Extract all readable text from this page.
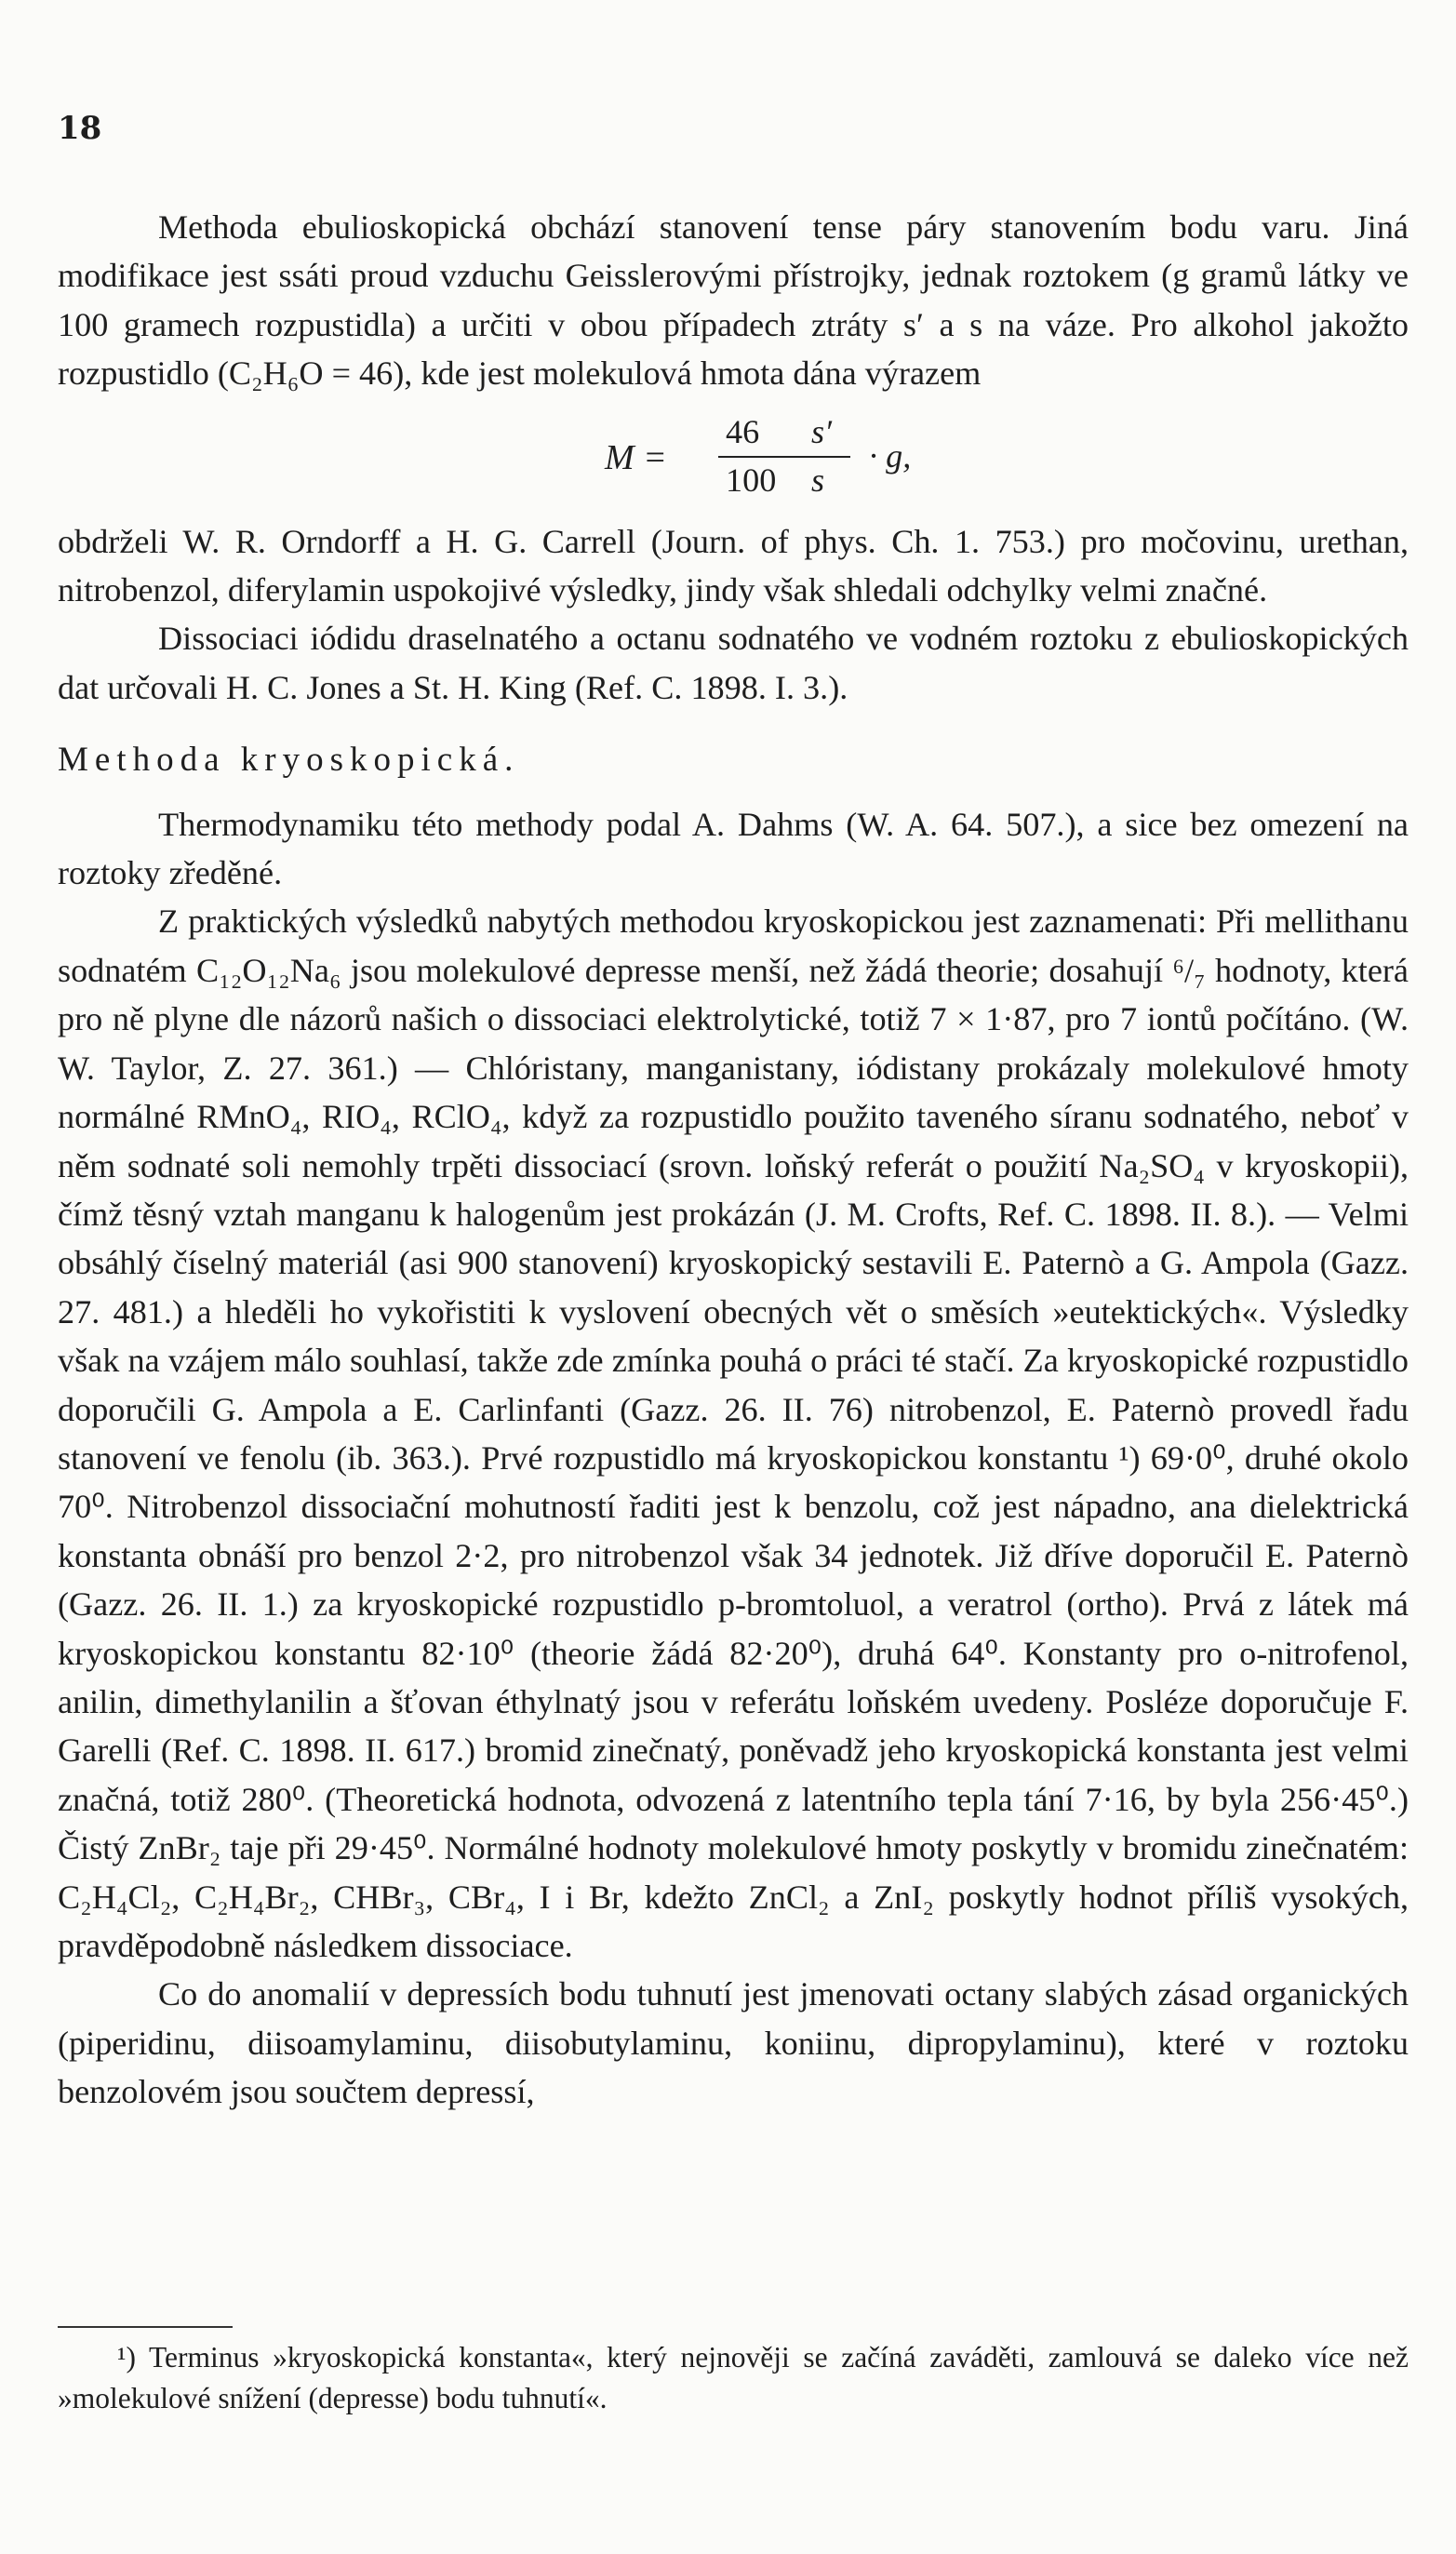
18

Methoda ebulioskopická obchází stanovení tense páry stanovením bodu varu. Jiná modifikace jest ssáti proud vzduchu Geisslerovými přístrojky, jednak roztokem (g gramů látky ve 100 gramech rozpustidla) a určiti v obou případech ztráty s′ a s na váze. Pro alkohol jakožto rozpustidlo (C₂H₆O = 46), kde jest molekulová hmota dána výrazem

M =
46 s′
100 s
· g,

obdrželi W. R. Orndorff a H. G. Carrell (Journ. of phys. Ch. 1. 753.) pro močovinu, urethan, nitrobenzol, diferylamin uspokojivé výsledky, jindy však shledali odchylky velmi značné.

Dissociaci iódidu draselnatého a octanu sodnatého ve vodném roztoku z ebulioskopických dat určovali H. C. Jones a St. H. King (Ref. C. 1898. I. 3.).

Methoda kryoskopická.

Thermodynamiku této methody podal A. Dahms (W. A. 64. 507.), a sice bez omezení na roztoky zředěné.

Z praktických výsledků nabytých methodou kryoskopickou jest zaznamenati: Při mellithanu sodnatém C₁₂O₁₂Na₆ jsou molekulové depresse menší, než žádá theorie; dosahují ⁶/₇ hodnoty, která pro ně plyne dle názorů našich o dissociaci elektrolytické, totiž 7 × 1·87, pro 7 iontů počítáno. (W. W. Taylor, Z. 27. 361.) — Chlóristany, manganistany, iódistany prokázaly molekulové hmoty normálné RMnO₄, RIO₄, RClO₄, když za rozpustidlo použito taveného síranu sodnatého, neboť v něm sodnaté soli nemohly trpěti dissociací (srovn. loňský referát o použití Na₂SO₄ v kryoskopii), čímž těsný vztah manganu k halogenům jest prokázán (J. M. Crofts, Ref. C. 1898. II. 8.). — Velmi obsáhlý číselný materiál (asi 900 stanovení) kryoskopický sestavili E. Paternò a G. Ampola (Gazz. 27. 481.) a hleděli ho vykořistiti k vyslovení obecných vět o směsích »eutektických«. Výsledky však na vzájem málo souhlasí, takže zde zmínka pouhá o práci té stačí. Za kryoskopické rozpustidlo doporučili G. Ampola a E. Carlinfanti (Gazz. 26. II. 76) nitrobenzol, E. Paternò provedl řadu stanovení ve fenolu (ib. 363.). Prvé rozpustidlo má kryoskopickou konstantu ¹) 69·0⁰, druhé okolo 70⁰. Nitrobenzol dissociační mohutností řaditi jest k benzolu, což jest nápadno, ana dielektrická konstanta obnáší pro benzol 2·2, pro nitrobenzol však 34 jednotek. Již dříve doporučil E. Paternò (Gazz. 26. II. 1.) za kryoskopické rozpustidlo p-bromtoluol, a veratrol (ortho). Prvá z látek má kryoskopickou konstantu 82·10⁰ (theorie žádá 82·20⁰), druhá 64⁰. Konstanty pro o-nitrofenol, anilin, dimethylanilin a šťovan éthylnatý jsou v referátu loňském uvedeny. Posléze doporučuje F. Garelli (Ref. C. 1898. II. 617.) bromid zinečnatý, poněvadž jeho kryoskopická konstanta jest velmi značná, totiž 280⁰. (Theoretická hodnota, odvozená z latentního tepla tání 7·16, by byla 256·45⁰.) Čistý ZnBr₂ taje při 29·45⁰. Normálné hodnoty molekulové hmoty poskytly v bromidu zinečnatém: C₂H₄Cl₂, C₂H₄Br₂, CHBr₃, CBr₄, I i Br, kdežto ZnCl₂ a ZnI₂ poskytly hodnot příliš vysokých, pravděpodobně následkem dissociace.

Co do anomalií v depressích bodu tuhnutí jest jmenovati octany slabých zásad organických (piperidinu, diisoamylaminu, diisobutylaminu, koniinu, dipropylaminu), které v roztoku benzolovém jsou součtem depressí,

¹) Terminus »kryoskopická konstanta«, který nejnověji se začíná zaváděti, zamlouvá se daleko více než »molekulové snížení (depresse) bodu tuhnutí«.
